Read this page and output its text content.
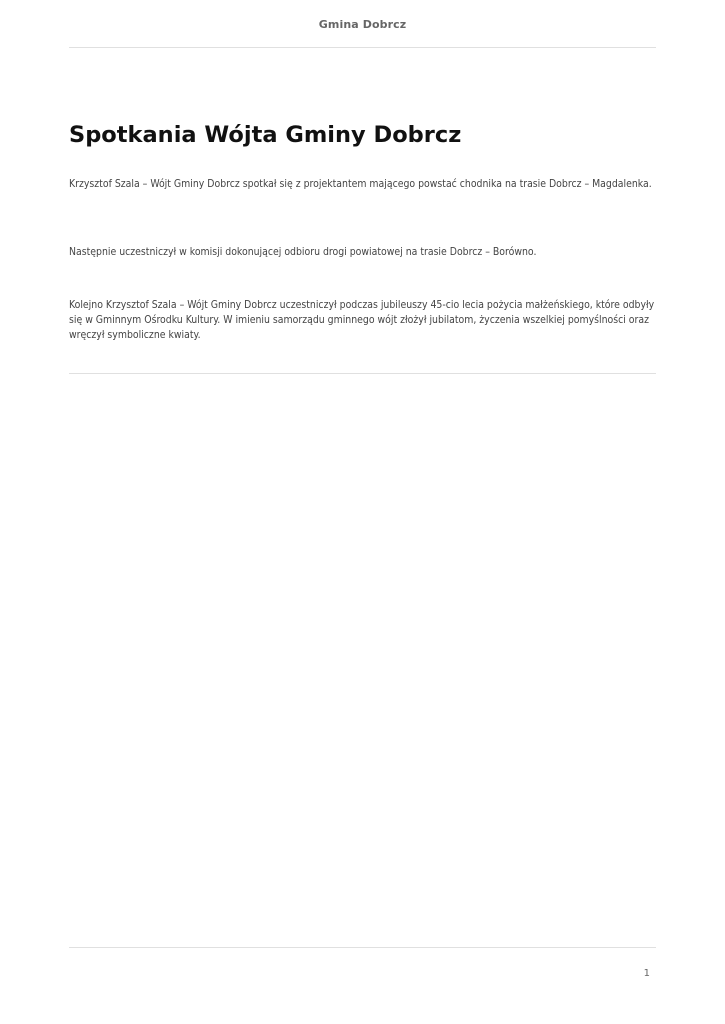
Gmina Dobrcz
Spotkania Wójta Gminy Dobrcz

Krzysztof Szala – Wójt Gminy Dobrcz spotkał się z projektantem mającego powstać chodnika na trasie Dobrcz – Magdalenka.

Następnie uczestniczył w komisji dokonującej odbioru drogi powiatowej na trasie Dobrcz – Borówno.

Kolejno Krzysztof Szala – Wójt Gminy Dobrcz uczestniczył podczas jubileuszy 45-cio lecia pożycia małżeńskiego, które odbyły się w Gminnym Ośrodku Kultury. W imieniu samorządu gminnego wójt złożył jubilatom, życzenia wszelkiej pomyślności oraz wręczył symboliczne kwiaty.

1
